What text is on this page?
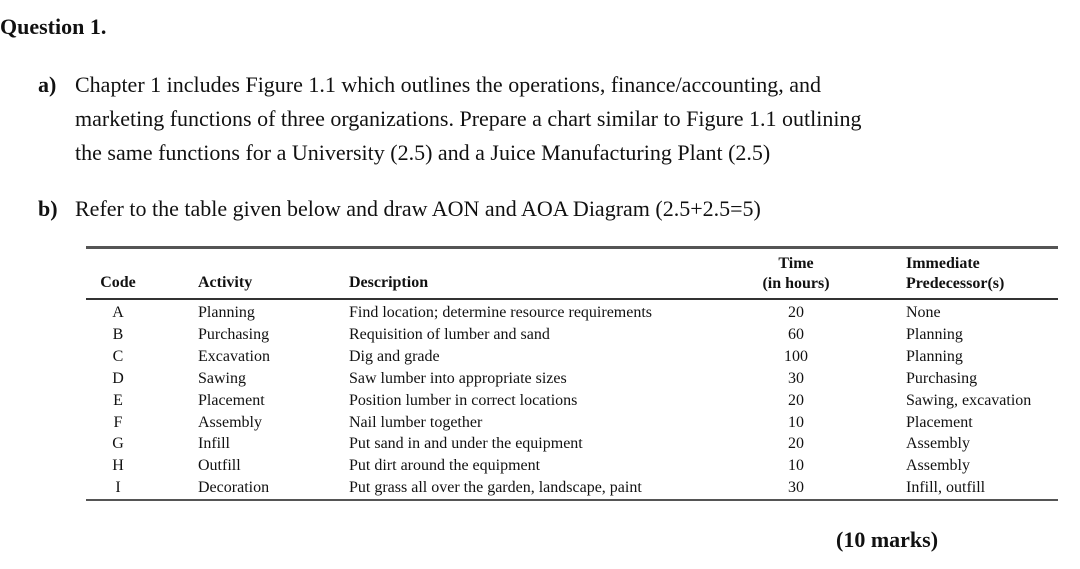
Question 1.
a) Chapter 1 includes Figure 1.1 which outlines the operations, finance/accounting, and
marketing functions of three organizations. Prepare a chart similar to Figure 1.1 outlining
the same functions for a University (2.5) and a Juice Manufacturing Plant (2.5)
b) Refer to the table given below and draw AON and AOA Diagram (2.5+2.5=5)
Code	Activity	Description
Time
(in hours)
Immediate
Predecessor(s)
A
B
C
D
E
F
G
H
I
Planning
Purchasing
Excavation
Sawing
Placement
Assembly
Infill
Outfill
Decoration
Find location; determine resource requirements
Requisition of lumber and sand
Dig and grade
Saw lumber into appropriate sizes
Position lumber in correct locations
Nail lumber together
Put sand in and under the equipment
Put dirt around the equipment
Put grass all over the garden, landscape, paint
20
60
100
30
20
10
20
10
30
None
Planning
Planning
Purchasing
Sawing, excavation
Placement
Assembly
Assembly
Infill, outfill
(10 marks)
